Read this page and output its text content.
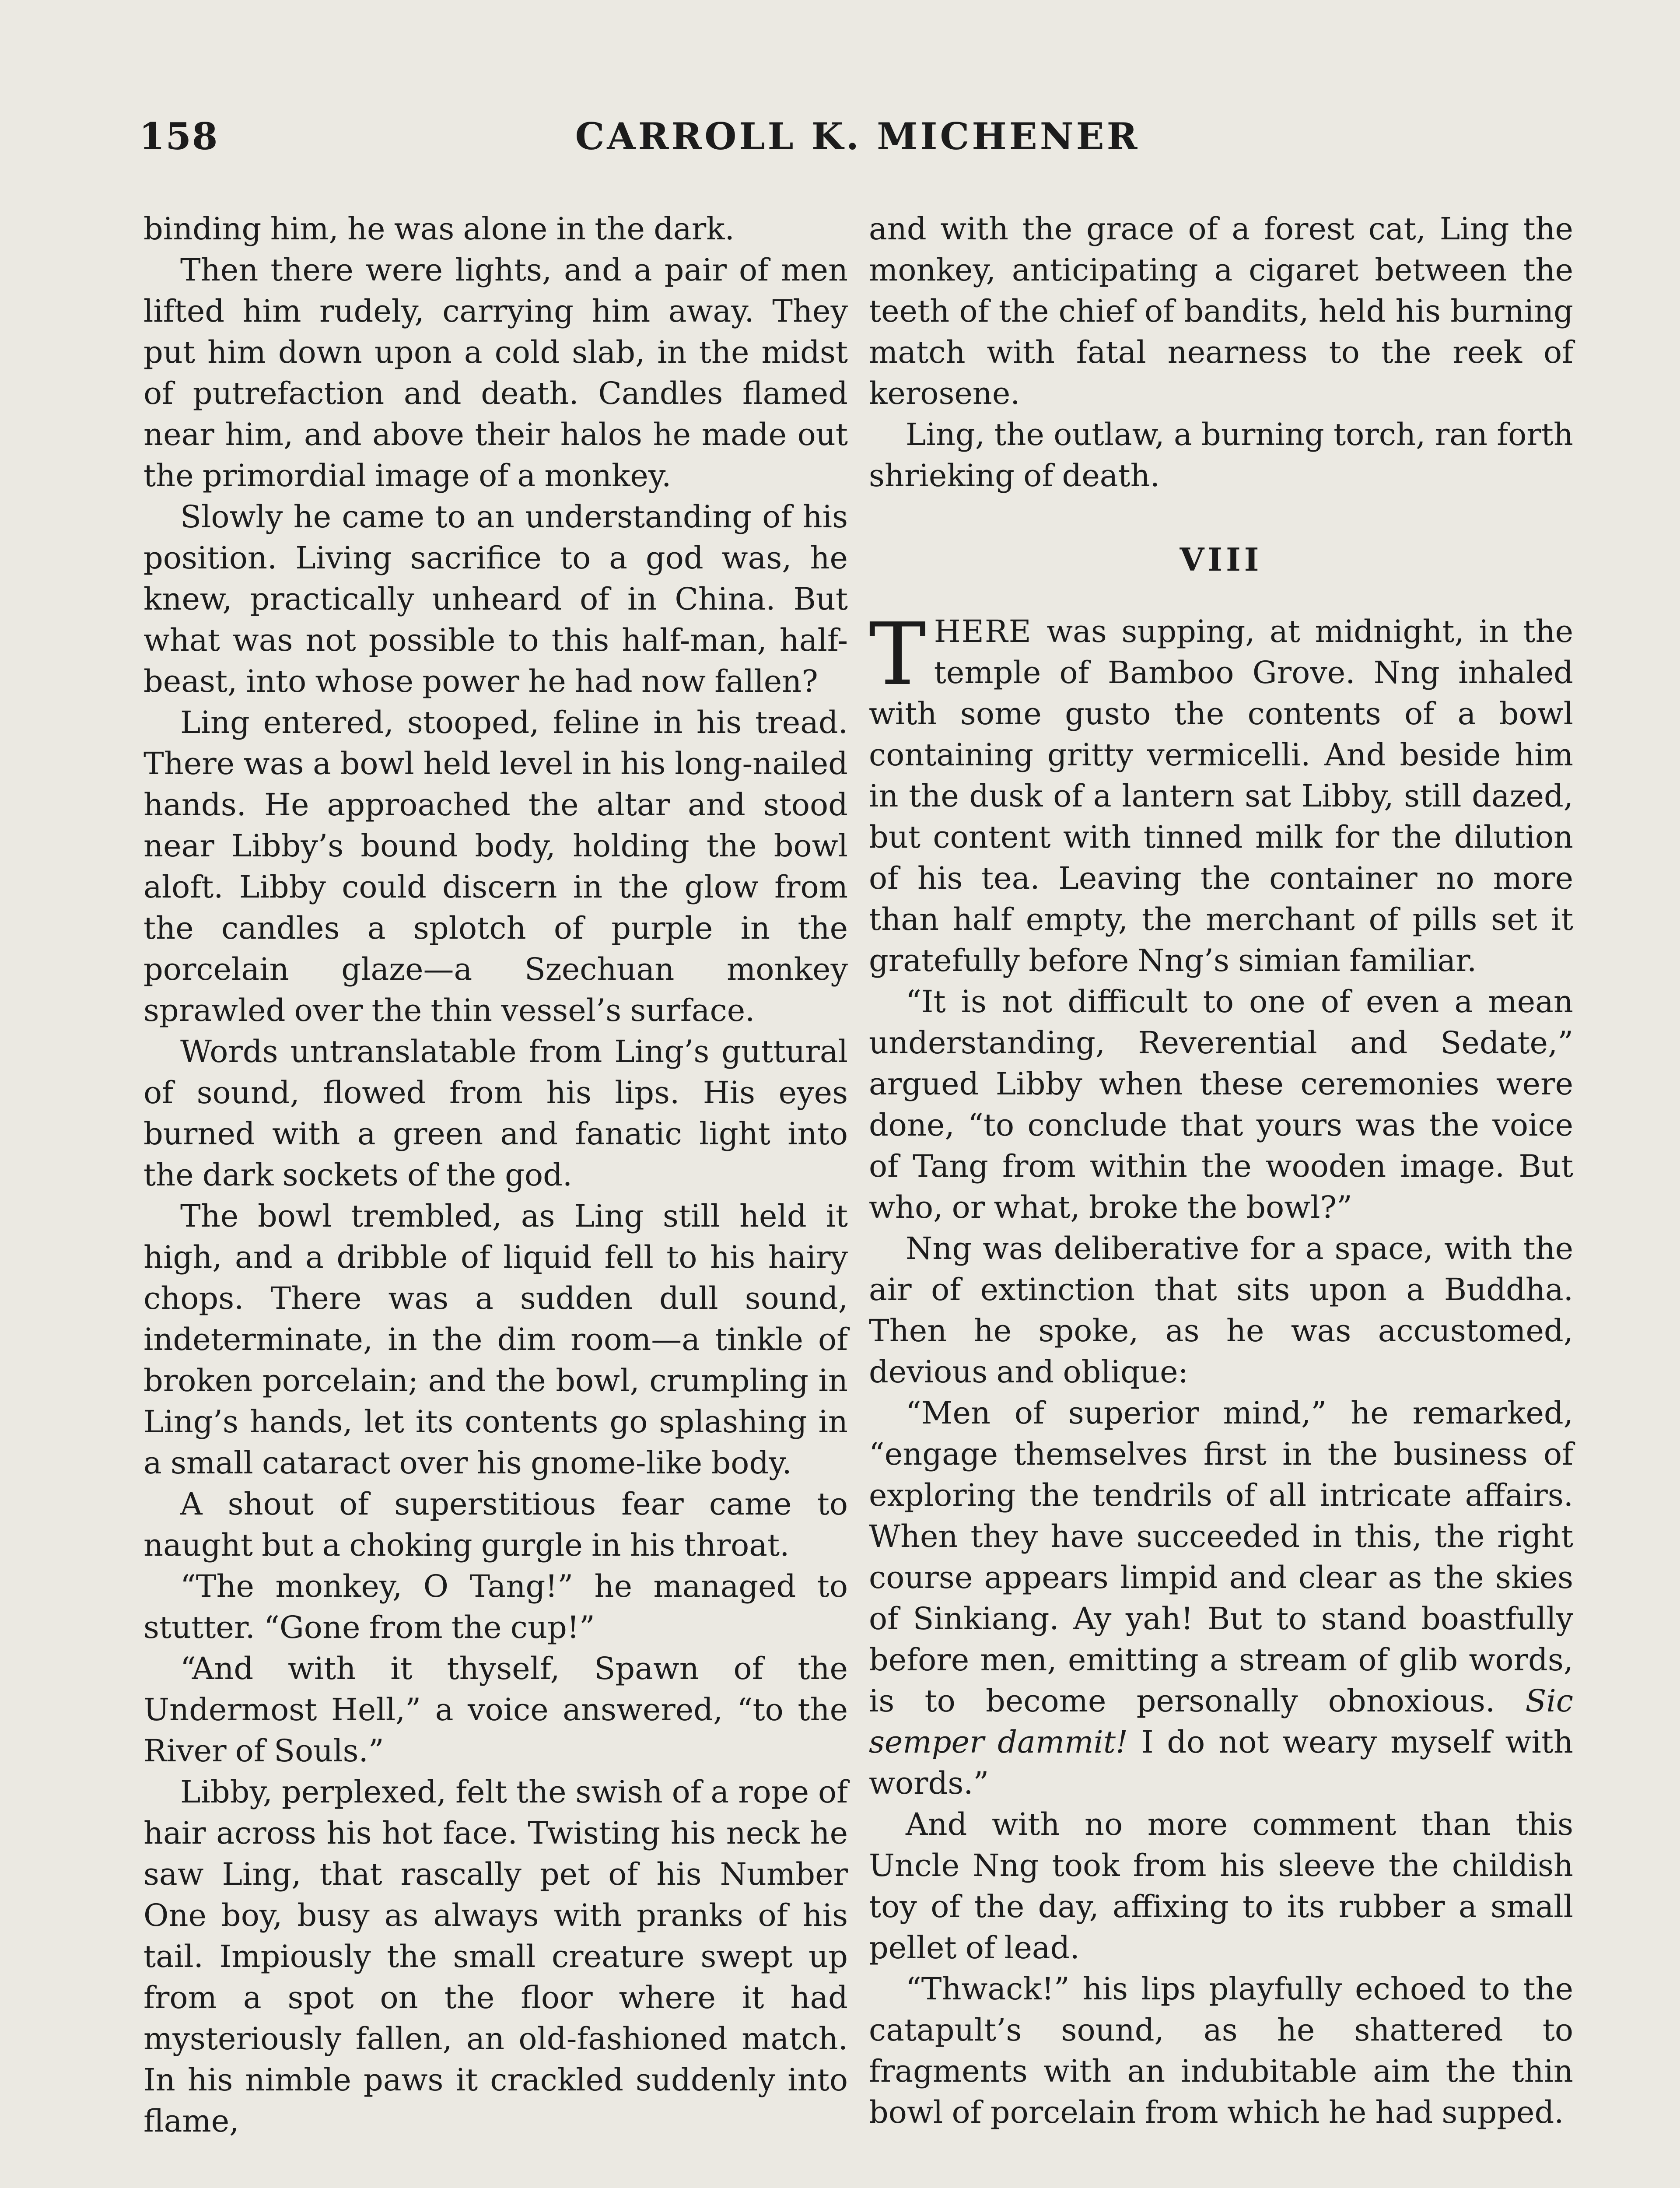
158	CARROLL K. MICHENER

binding him, he was alone in the dark.

Then there were lights, and a pair of men lifted him rudely, carrying him away. They put him down upon a cold slab, in the midst of putrefaction and death. Candles flamed near him, and above their halos he made out the primordial image of a monkey.

Slowly he came to an understanding of his position. Living sacrifice to a god was, he knew, practically unheard of in China. But what was not possible to this half-man, half-beast, into whose power he had now fallen?

Ling entered, stooped, feline in his tread. There was a bowl held level in his long-nailed hands. He approached the altar and stood near Libby’s bound body, holding the bowl aloft. Libby could discern in the glow from the candles a splotch of purple in the porcelain glaze—a Szechuan monkey sprawled over the thin vessel’s surface.

Words untranslatable from Ling’s guttural of sound, flowed from his lips. His eyes burned with a green and fanatic light into the dark sockets of the god.

The bowl trembled, as Ling still held it high, and a dribble of liquid fell to his hairy chops. There was a sudden dull sound, indeterminate, in the dim room—a tinkle of broken porcelain; and the bowl, crumpling in Ling’s hands, let its contents go splashing in a small cataract over his gnome-like body.

A shout of superstitious fear came to naught but a choking gurgle in his throat.

“The monkey, O Tang!” he managed to stutter. “Gone from the cup!”

“And with it thyself, Spawn of the Undermost Hell,” a voice answered, “to the River of Souls.”

Libby, perplexed, felt the swish of a rope of hair across his hot face. Twisting his neck he saw Ling, that rascally pet of his Number One boy, busy as always with pranks of his tail. Impiously the small creature swept up from a spot on the floor where it had mysteriously fallen, an old-fashioned match. In his nimble paws it crackled suddenly into flame,

and with the grace of a forest cat, Ling the monkey, anticipating a cigaret between the teeth of the chief of bandits, held his burning match with fatal nearness to the reek of kerosene.

Ling, the outlaw, a burning torch, ran forth shrieking of death.

VIII

THERE was supping, at midnight, in the temple of Bamboo Grove. Nng inhaled with some gusto the contents of a bowl containing gritty vermicelli. And beside him in the dusk of a lantern sat Libby, still dazed, but content with tinned milk for the dilution of his tea. Leaving the container no more than half empty, the merchant of pills set it gratefully before Nng’s simian familiar.

“It is not difficult to one of even a mean understanding, Reverential and Sedate,” argued Libby when these ceremonies were done, “to conclude that yours was the voice of Tang from within the wooden image. But who, or what, broke the bowl?”

Nng was deliberative for a space, with the air of extinction that sits upon a Buddha. Then he spoke, as he was accustomed, devious and oblique:

“Men of superior mind,” he remarked, “engage themselves first in the business of exploring the tendrils of all intricate affairs. When they have succeeded in this, the right course appears limpid and clear as the skies of Sinkiang. Ay yah! But to stand boastfully before men, emitting a stream of glib words, is to become personally obnoxious. Sic semper dammit! I do not weary myself with words.”

And with no more comment than this Uncle Nng took from his sleeve the childish toy of the day, affixing to its rubber a small pellet of lead.

“Thwack!” his lips playfully echoed to the catapult’s sound, as he shattered to fragments with an indubitable aim the thin bowl of porcelain from which he had supped.
